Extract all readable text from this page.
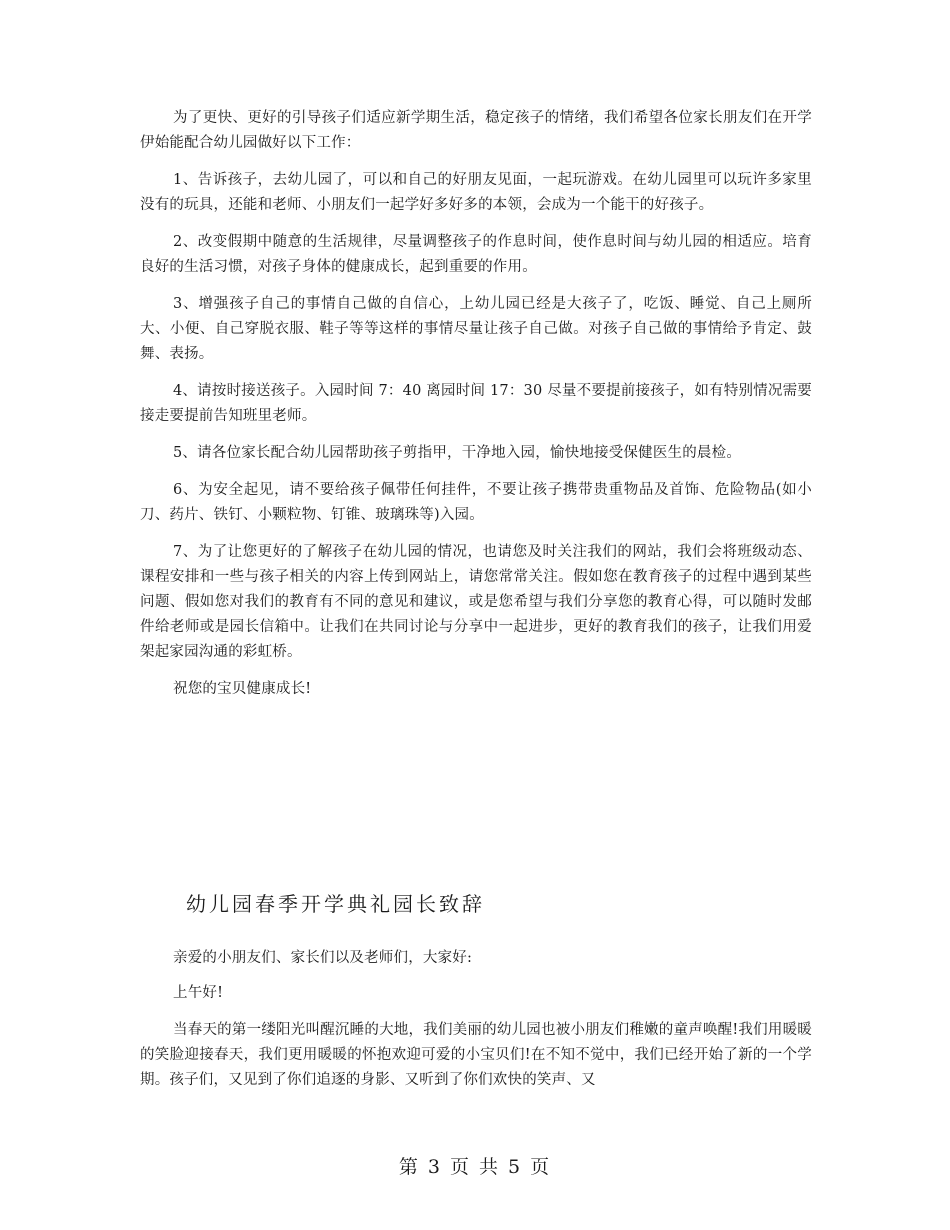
为了更快、更好的引导孩子们适应新学期生活，稳定孩子的情绪，我们希望各位家长朋友们在开学伊始能配合幼儿园做好以下工作：

1、告诉孩子，去幼儿园了，可以和自己的好朋友见面，一起玩游戏。在幼儿园里可以玩许多家里没有的玩具，还能和老师、小朋友们一起学好多好多的本领，会成为一个能干的好孩子。

2、改变假期中随意的生活规律，尽量调整孩子的作息时间，使作息时间与幼儿园的相适应。培育良好的生活习惯，对孩子身体的健康成长，起到重要的作用。

3、增强孩子自己的事情自己做的自信心，上幼儿园已经是大孩子了，吃饭、睡觉、自己上厕所大、小便、自己穿脱衣服、鞋子等等这样的事情尽量让孩子自己做。对孩子自己做的事情给予肯定、鼓舞、表扬。

4、请按时接送孩子。入园时间 7：40 离园时间 17：30 尽量不要提前接孩子，如有特别情况需要接走要提前告知班里老师。

5、请各位家长配合幼儿园帮助孩子剪指甲，干净地入园，愉快地接受保健医生的晨检。

6、为安全起见，请不要给孩子佩带任何挂件，不要让孩子携带贵重物品及首饰、危险物品(如小刀、药片、铁钉、小颗粒物、钉锥、玻璃珠等)入园。

7、为了让您更好的了解孩子在幼儿园的情况，也请您及时关注我们的网站，我们会将班级动态、课程安排和一些与孩子相关的内容上传到网站上，请您常常关注。假如您在教育孩子的过程中遇到某些问题、假如您对我们的教育有不同的意见和建议，或是您希望与我们分享您的教育心得，可以随时发邮件给老师或是园长信箱中。让我们在共同讨论与分享中一起进步，更好的教育我们的孩子，让我们用爱架起家园沟通的彩虹桥。

祝您的宝贝健康成长!

幼儿园春季开学典礼园长致辞

亲爱的小朋友们、家长们以及老师们，大家好:

上午好!

当春天的第一缕阳光叫醒沉睡的大地，我们美丽的幼儿园也被小朋友们稚嫩的童声唤醒!我们用暖暖的笑脸迎接春天，我们更用暖暖的怀抱欢迎可爱的小宝贝们!在不知不觉中，我们已经开始了新的一个学期。孩子们，又见到了你们追逐的身影、又听到了你们欢快的笑声、又

第 3 页 共 5 页
